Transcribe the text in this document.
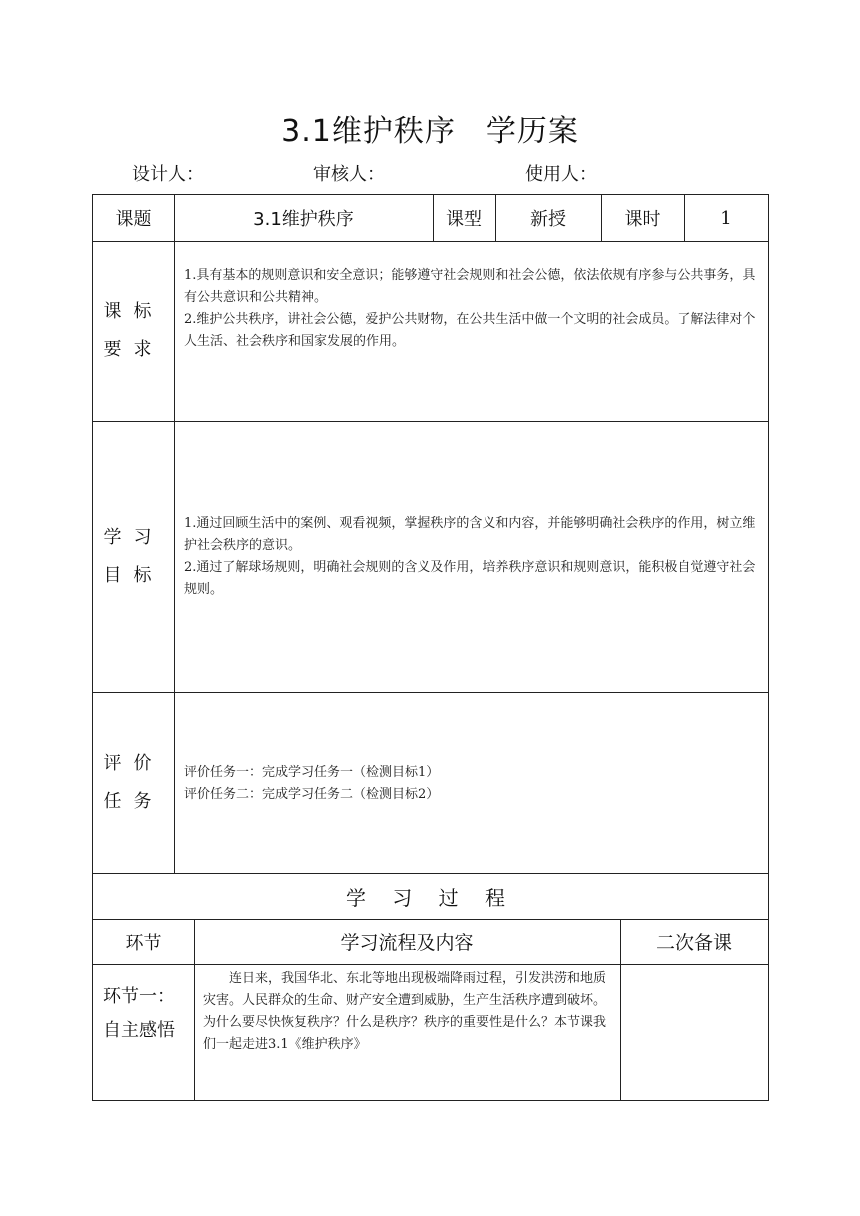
3.1维护秩序 学历案
设计人：	审核人：	使用人：
课题	3.1维护秩序	课型	新授	课时	1
课标
要求

1.具有基本的规则意识和安全意识；能够遵守社会规则和社会公德，依法依规有序参与公共事务，具有公共意识和公共精神。

2.维护公共秩序，讲社会公德，爱护公共财物，在公共生活中做一个文明的社会成员。了解法律对个人生活、社会秩序和国家发展的作用。

学习
目标

1.通过回顾生活中的案例、观看视频，掌握秩序的含义和内容，并能够明确社会秩序的作用，树立维护社会秩序的意识。

2.通过了解球场规则，明确社会规则的含义及作用，培养秩序意识和规则意识，能积极自觉遵守社会规则。

评价
任务

评价任务一：完成学习任务一（检测目标1）

评价任务二：完成学习任务二（检测目标2）

学 习 过 程
环节	学习流程及内容	二次备课
环节一：
自主感悟

连日来，我国华北、东北等地出现极端降雨过程，引发洪涝和地质灾害。人民群众的生命、财产安全遭到威胁，生产生活秩序遭到破坏。

为什么要尽快恢复秩序？什么是秩序？秩序的重要性是什么？本节课我们一起走进3.1《维护秩序》
